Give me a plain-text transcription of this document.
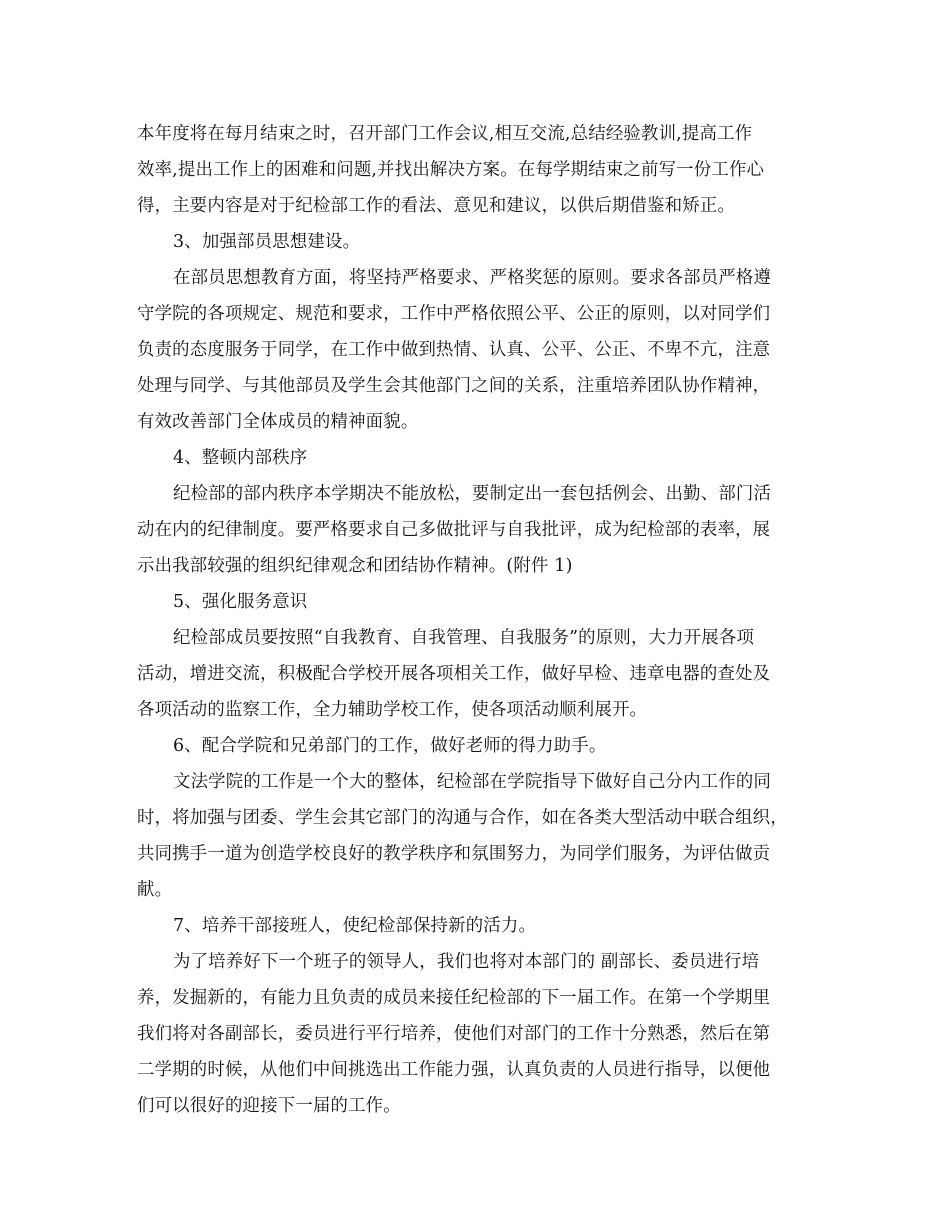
本年度将在每月结束之时，召开部门工作会议,相互交流,总结经验教训,提高工作
效率,提出工作上的困难和问题,并找出解决方案。在每学期结束之前写一份工作心
得，主要内容是对于纪检部工作的看法、意见和建议，以供后期借鉴和矫正。

3、加强部员思想建设。

在部员思想教育方面，将坚持严格要求、严格奖惩的原则。要求各部员严格遵
守学院的各项规定、规范和要求，工作中严格依照公平、公正的原则，以对同学们
负责的态度服务于同学，在工作中做到热情、认真、公平、公正、不卑不亢，注意
处理与同学、与其他部员及学生会其他部门之间的关系，注重培养团队协作精神，
有效改善部门全体成员的精神面貌。

4、整顿内部秩序

纪检部的部内秩序本学期决不能放松，要制定出一套包括例会、出勤、部门活
动在内的纪律制度。要严格要求自己多做批评与自我批评，成为纪检部的表率，展
示出我部较强的组织纪律观念和团结协作精神。(附件 1)

5、强化服务意识

纪检部成员要按照“自我教育、自我管理、自我服务”的原则，大力开展各项
活动，增进交流，积极配合学校开展各项相关工作，做好早检、违章电器的查处及
各项活动的监察工作，全力辅助学校工作，使各项活动顺利展开。

6、配合学院和兄弟部门的工作，做好老师的得力助手。

文法学院的工作是一个大的整体，纪检部在学院指导下做好自己分内工作的同
时，将加强与团委、学生会其它部门的沟通与合作，如在各类大型活动中联合组织，
共同携手一道为创造学校良好的教学秩序和氛围努力，为同学们服务，为评估做贡
献。

7、培养干部接班人，使纪检部保持新的活力。

为了培养好下一个班子的领导人，我们也将对本部门的 副部长、委员进行培
养，发掘新的，有能力且负责的成员来接任纪检部的下一届工作。在第一个学期里
我们将对各副部长，委员进行平行培养，使他们对部门的工作十分熟悉，然后在第
二学期的时候，从他们中间挑选出工作能力强，认真负责的人员进行指导，以便他
们可以很好的迎接下一届的工作。
